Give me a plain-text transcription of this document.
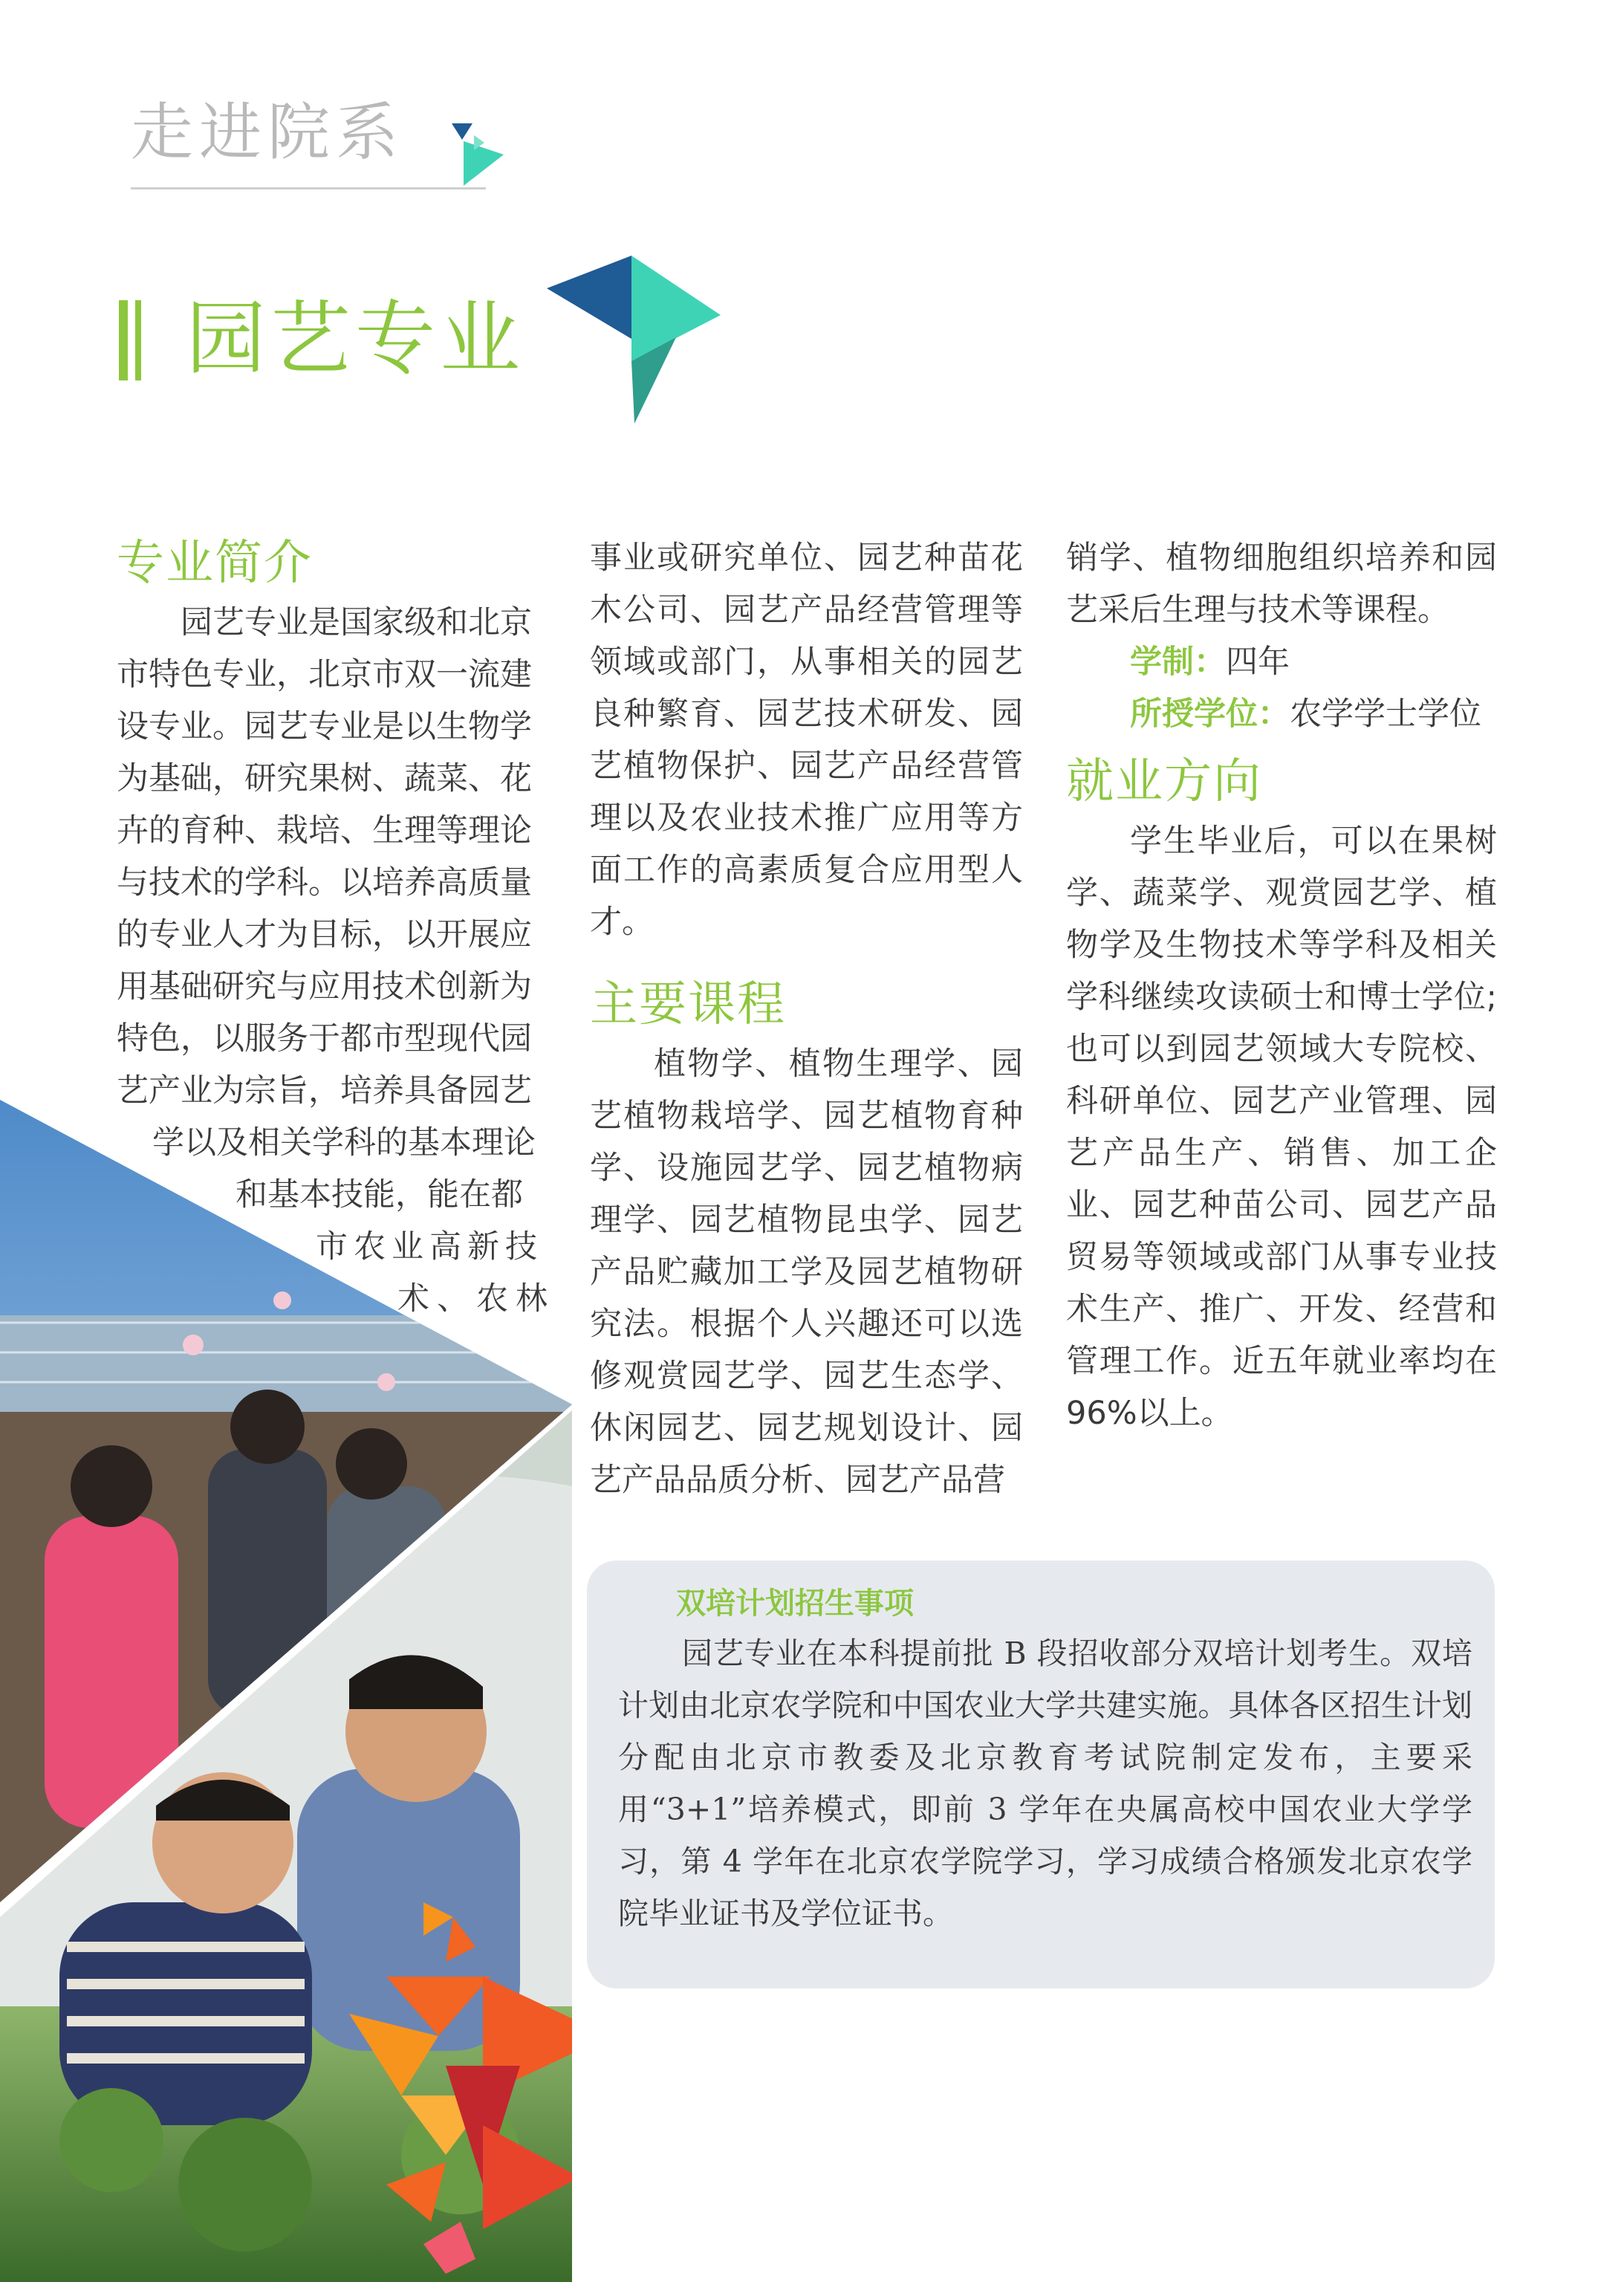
走进院系
园艺专业
专业简介
园艺专业是国家级和北京
市特色专业，北京市双一流建
设专业。园艺专业是以生物学
为基础，研究果树、蔬菜、花
卉的育种、栽培、生理等理论
与技术的学科。以培养高质量
的专业人才为目标，以开展应
用基础研究与应用技术创新为
特色，以服务于都市型现代园
艺产业为宗旨，培养具备园艺
学以及相关学科的基本理论
和基本技能，能在都
市农业高新技
术、农林

事业或研究单位、园艺种苗花木公司、园艺产品经营管理等领域或部门，从事相关的园艺良种繁育、园艺技术研发、园艺植物保护、园艺产品经营管理以及农业技术推广应用等方面工作的高素质复合应用型人才。

主要课程

植物学、植物生理学、园艺植物栽培学、园艺植物育种学、设施园艺学、园艺植物病理学、园艺植物昆虫学、园艺产品贮藏加工学及园艺植物研究法。根据个人兴趣还可以选修观赏园艺学、园艺生态学、休闲园艺、园艺规划设计、园艺产品品质分析、园艺产品营

销学、植物细胞组织培养和园艺采后生理与技术等课程。

学制：四年
所授学位：农学学士学位
就业方向

学生毕业后，可以在果树学、蔬菜学、观赏园艺学、植物学及生物技术等学科及相关学科继续攻读硕士和博士学位;也可以到园艺领域大专院校、科研单位、园艺产业管理、园艺产品生产、销售、加工企业、园艺种苗公司、园艺产品贸易等领域或部门从事专业技术生产、推广、开发、经营和管理工作。近五年就业率均在96%以上。

双培计划招生事项

园艺专业在本科提前批 B 段招收部分双培计划考生。双培计划由北京农学院和中国农业大学共建实施。具体各区招生计划分配由北京市教委及北京教育考试院制定发布，主要采用“3+1”培养模式，即前 3 学年在央属高校中国农业大学学习，第 4 学年在北京农学院学习，学习成绩合格颁发北京农学院毕业证书及学位证书。
